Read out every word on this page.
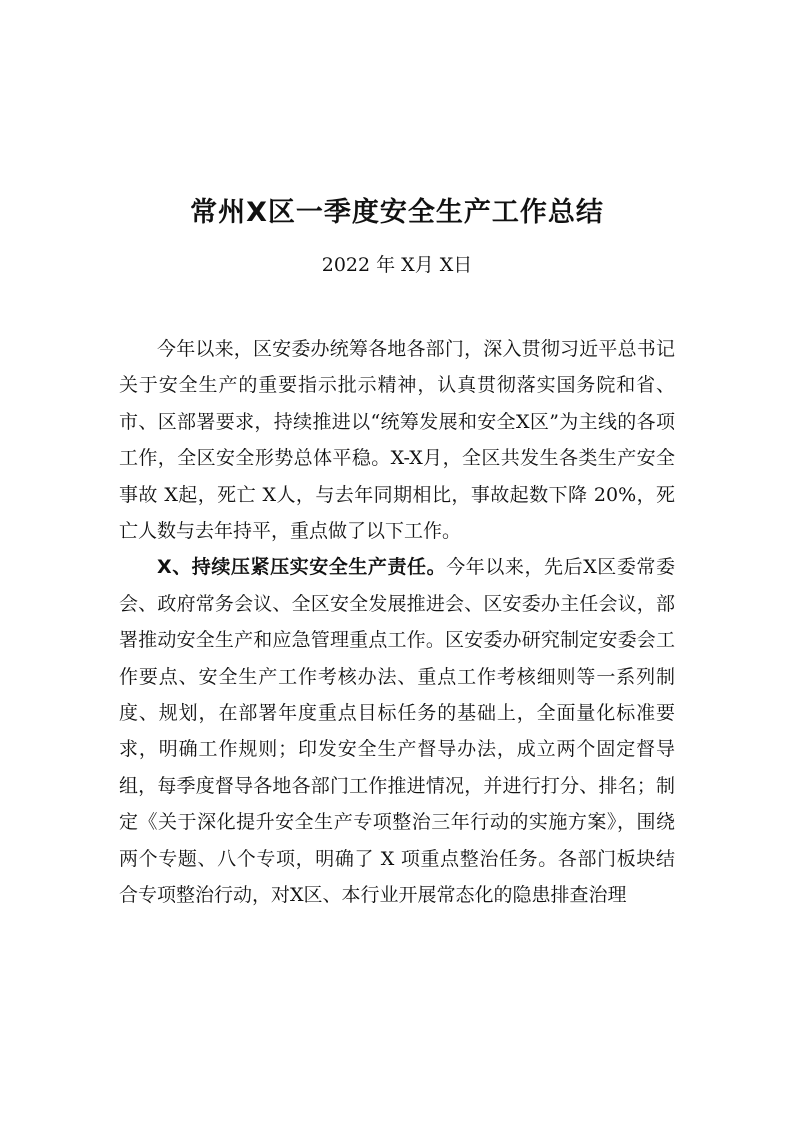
常州X区一季度安全生产工作总结
2022 年 X月 X日

今年以来，区安委办统筹各地各部门，深入贯彻习近平总书记关于安全生产的重要指示批示精神，认真贯彻落实国务院和省、市、区部署要求，持续推进以“统筹发展和安全X区”为主线的各项工作，全区安全形势总体平稳。X-X月，全区共发生各类生产安全事故 X起，死亡 X人，与去年同期相比，事故起数下降 20%，死亡人数与去年持平，重点做了以下工作。

X、持续压紧压实安全生产责任。今年以来，先后X区委常委会、政府常务会议、全区安全发展推进会、区安委办主任会议，部署推动安全生产和应急管理重点工作。区安委办研究制定安委会工作要点、安全生产工作考核办法、重点工作考核细则等一系列制度、规划，在部署年度重点目标任务的基础上，全面量化标准要求，明确工作规则；印发安全生产督导办法，成立两个固定督导组，每季度督导各地各部门工作推进情况，并进行打分、排名；制定《关于深化提升安全生产专项整治三年行动的实施方案》，围绕两个专题、八个专项，明确了 X 项重点整治任务。各部门板块结合专项整治行动，对X区、本行业开展常态化的隐患排查治理
